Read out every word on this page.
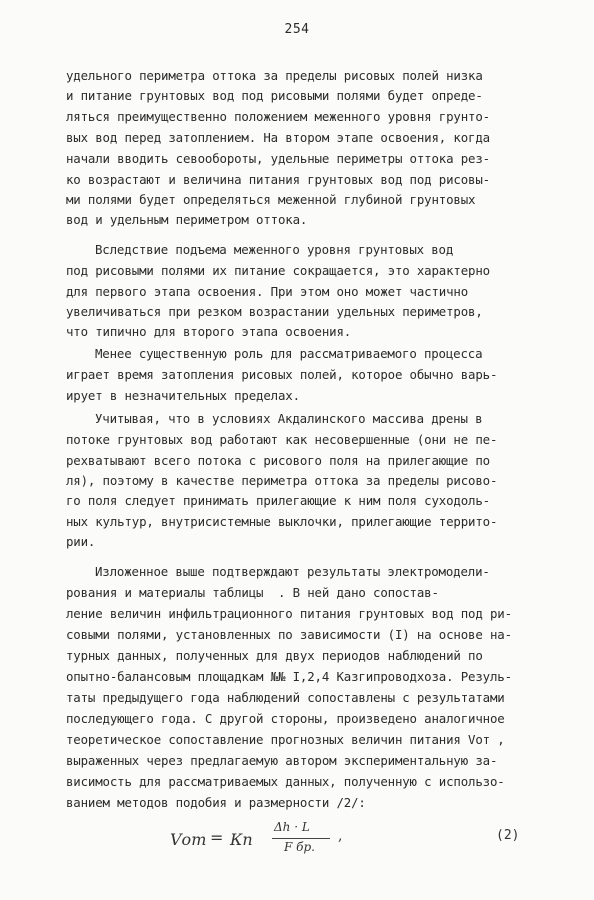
254
удельного периметра оттока за пределы рисовых полей низка
и питание грунтовых вод под рисовыми полями будет опреде-
ляться преимущественно положением меженного уровня грунто-
вых вод перед затоплением. На втором этапе освоения, когда
начали вводить севообороты, удельные периметры оттока рез-
ко возрастают и величина питания грунтовых вод под рисовы-
ми полями будет определяться меженной глубиной грунтовых
вод и удельным периметром оттока.
Вследствие подъема меженного уровня грунтовых вод
под рисовыми полями их питание сокращается, это характерно
для первого этапа освоения. При этом оно может частично
увеличиваться при резком возрастании удельных периметров,
что типично для второго этапа освоения.
Менее существенную роль для рассматриваемого процесса
играет время затопления рисовых полей, которое обычно варь-
ирует в незначительных пределах.
Учитывая, что в условиях Акдалинского массива дрены в
потоке грунтовых вод работают как несовершенные (они не пе-
рехватывают всего потока с рисового поля на прилегающие по
ля), поэтому в качестве периметра оттока за пределы рисово-
го поля следует принимать прилегающие к ним поля суходоль-
ных культур, внутрисистемные выклочки, прилегающие террито-
рии.
Изложенное выше подтверждают результаты электромодели-
рования и материалы таблицы  . В ней дано сопостав-
ление величин инфильтрационного питания грунтовых вод под ри-
совыми полями, установленных по зависимости (I) на основе на-
турных данных, полученных для двух периодов наблюдений по
опытно-балансовым площадкам №№ I,2,4 Казгипроводхоза. Резуль-
таты предыдущего года наблюдений сопоставлены с результатами
последующего года. С другой стороны, произведено аналогичное
теоретическое сопоставление прогнозных величин питания Vот ,
выраженных через предлагаемую автором экспериментальную за-
висимость для рассматриваемых данных, полученную с использо-
ванием методов подобия и размерности /2/:
Vот = Кп
Δh · L
F бр.
,	(2)
